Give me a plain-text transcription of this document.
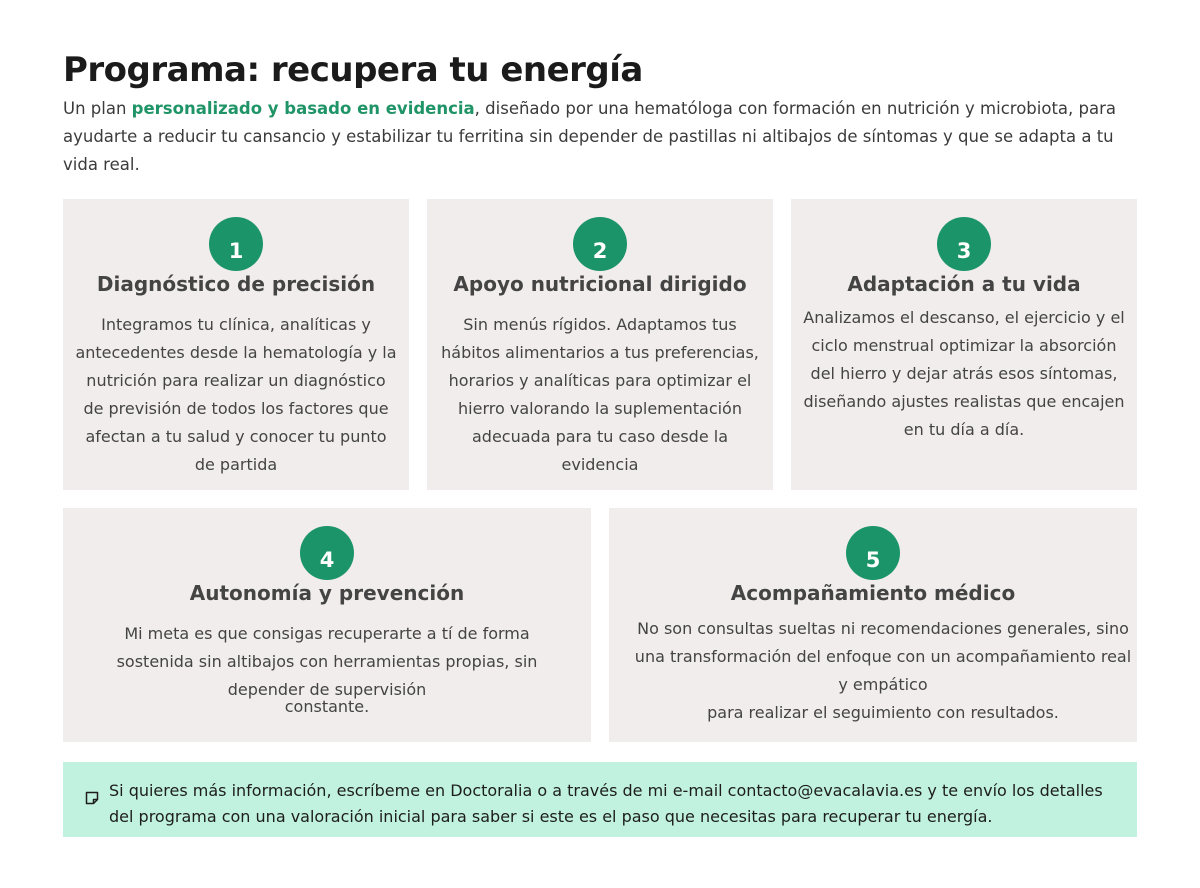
Programa: recupera tu energía

Un plan personalizado y basado en evidencia, diseñado por una hematóloga con formación en nutrición y microbiota, para ayudarte a reducir tu cansancio y estabilizar tu ferritina sin depender de pastillas ni altibajos de síntomas y que se adapta a tu vida real.

1
Diagnóstico de precisión

Integramos tu clínica, analíticas y antecedentes desde la hematología y la nutrición para realizar un diagnóstico de previsión de todos los factores que afectan a tu salud y conocer tu punto de partida

2
Apoyo nutricional dirigido

Sin menús rígidos. Adaptamos tus hábitos alimentarios a tus preferencias, horarios y analíticas para optimizar el hierro valorando la suplementación adecuada para tu caso desde la evidencia

3
Adaptación a tu vida

Analizamos el descanso, el ejercicio y el ciclo menstrual optimizar la absorción del hierro y dejar atrás esos síntomas, diseñando ajustes realistas que encajen en tu día a día.

4
Autonomía y prevención

Mi meta es que consigas recuperarte a tí de forma sostenida sin altibajos con herramientas propias, sin depender de supervisión
constante.

5
Acompañamiento médico

No son consultas sueltas ni recomendaciones generales, sino una transformación del enfoque con un acompañamiento real y empático
para realizar el seguimiento con resultados.

Si quieres más información, escríbeme en Doctoralia o a través de mi e-mail contacto@evacalavia.es y te envío los detalles del programa con una valoración inicial para saber si este es el paso que necesitas para recuperar tu energía.
